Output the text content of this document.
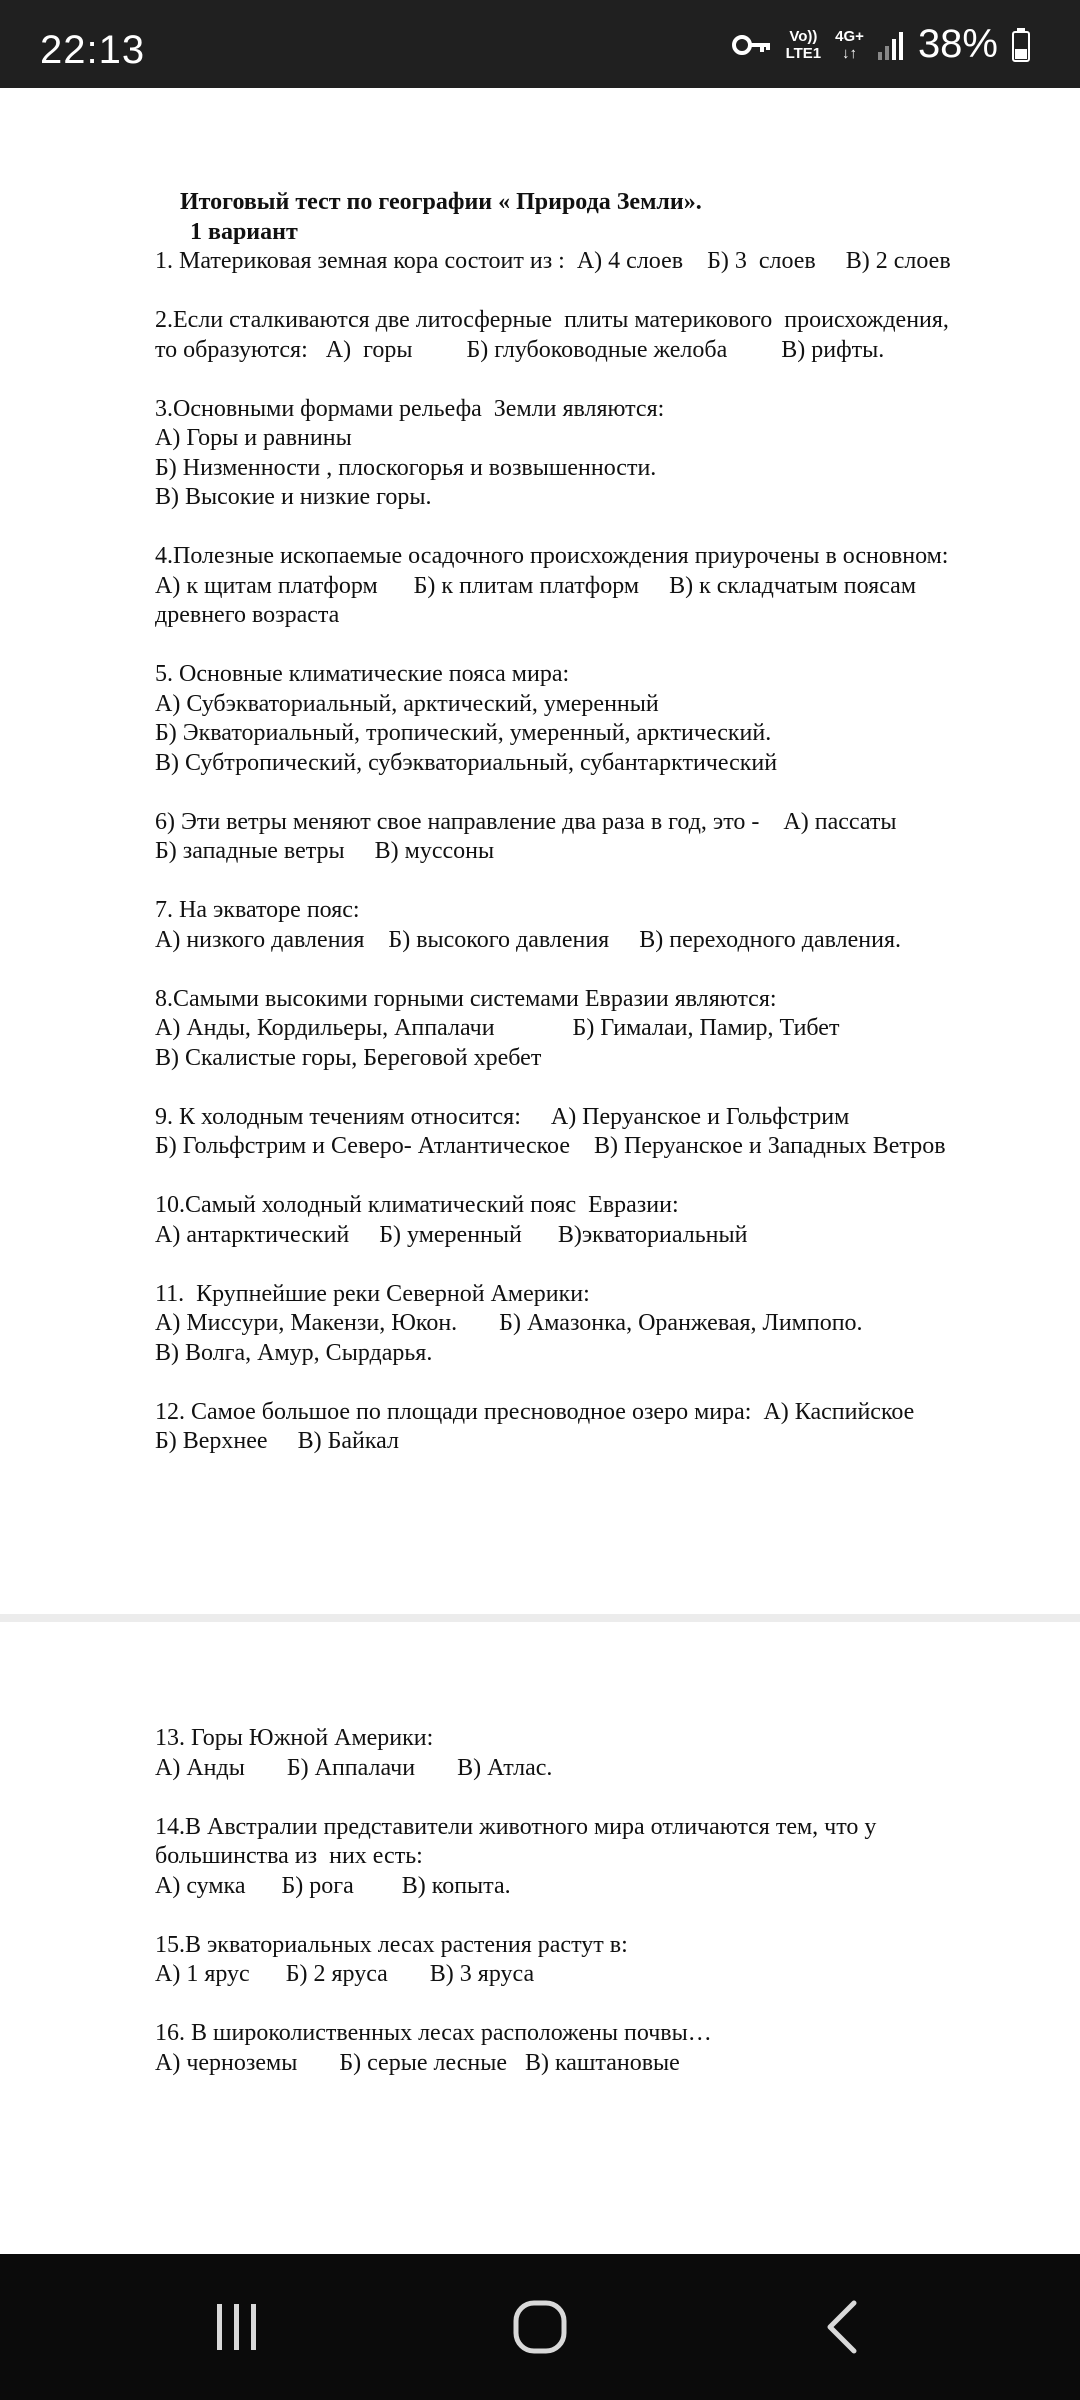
22:13	Vo))
LTE1
4G+
↓↑ 38%
Итоговый тест по географии « Природа Земли».
1 вариант
1. Материковая земная кора состоит из :  А) 4 слоев    Б) 3  слоев     В) 2 слоев
2.Если сталкиваются две литосферные  плиты материкового  происхождения,
то образуются:   А)  горы         Б) глубоководные желоба         В) рифты.
3.Основными формами рельефа  Земли являются:
А) Горы и равнины
Б) Низменности , плоскогорья и возвышенности.
В) Высокие и низкие горы.
4.Полезные ископаемые осадочного происхождения приурочены в основном:
А) к щитам платформ      Б) к плитам платформ     В) к складчатым поясам
древнего возраста
5. Основные климатические пояса мира:
А) Субэкваториальный, арктический, умеренный
Б) Экваториальный, тропический, умеренный, арктический.
В) Субтропический, субэкваториальный, субантарктический
6) Эти ветры меняют свое направление два раза в год, это -    А) пассаты
Б) западные ветры     В) муссоны
7. На экваторе пояс:
А) низкого давления    Б) высокого давления     В) переходного давления.
8.Самыми высокими горными системами Евразии являются:
А) Анды, Кордильеры, Аппалачи             Б) Гималаи, Памир, Тибет
В) Скалистые горы, Береговой хребет
9. К холодным течениям относится:     А) Перуанское и Гольфстрим
Б) Гольфстрим и Северо- Атлантическое    В) Перуанское и Западных Ветров
10.Самый холодный климатический пояс  Евразии:
А) антарктический     Б) умеренный      В)экваториальный
11.  Крупнейшие реки Северной Америки:
А) Миссури, Макензи, Юкон.       Б) Амазонка, Оранжевая, Лимпопо.
В) Волга, Амур, Сырдарья.
12. Самое большое по площади пресноводное озеро мира:  А) Каспийское
Б) Верхнее     В) Байкал
13. Горы Южной Америки:
А) Анды       Б) Аппалачи       В) Атлас.
14.В Австралии представители животного мира отличаются тем, что у
большинства из  них есть:
А) сумка      Б) рога        В) копыта.
15.В экваториальных лесах растения растут в:
А) 1 ярус      Б) 2 яруса       В) 3 яруса
16. В широколиственных лесах расположены почвы…
А) черноземы       Б) серые лесные   В) каштановые
